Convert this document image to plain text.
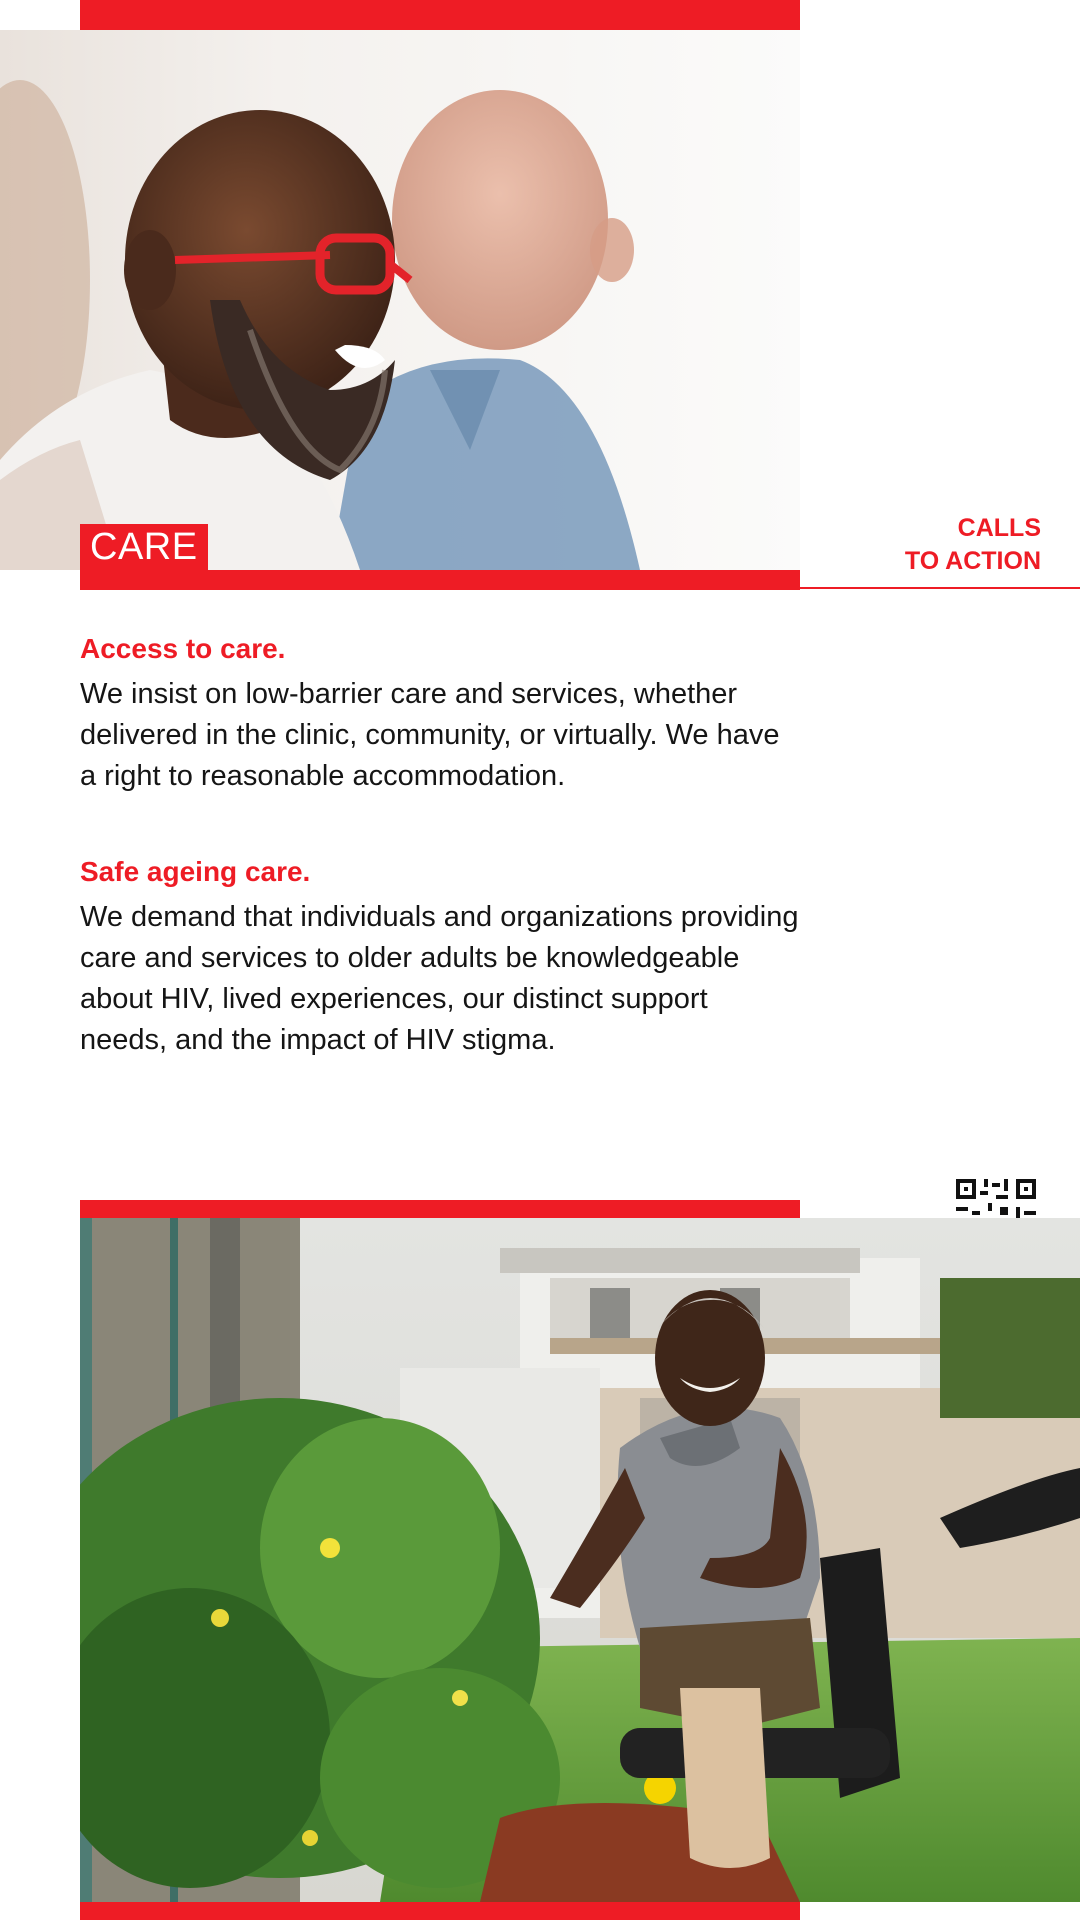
CARE	CALLS
TO ACTION

Access to care.

We insist on low-barrier care and services, whether delivered in the clinic, community, or virtually. We have a right to reasonable accommodation.

Safe ageing care.

We demand that individuals and organizations providing care and services to older adults be knowledgeable about HIV, lived experiences, our distinct support needs, and the impact of HIV stigma.
